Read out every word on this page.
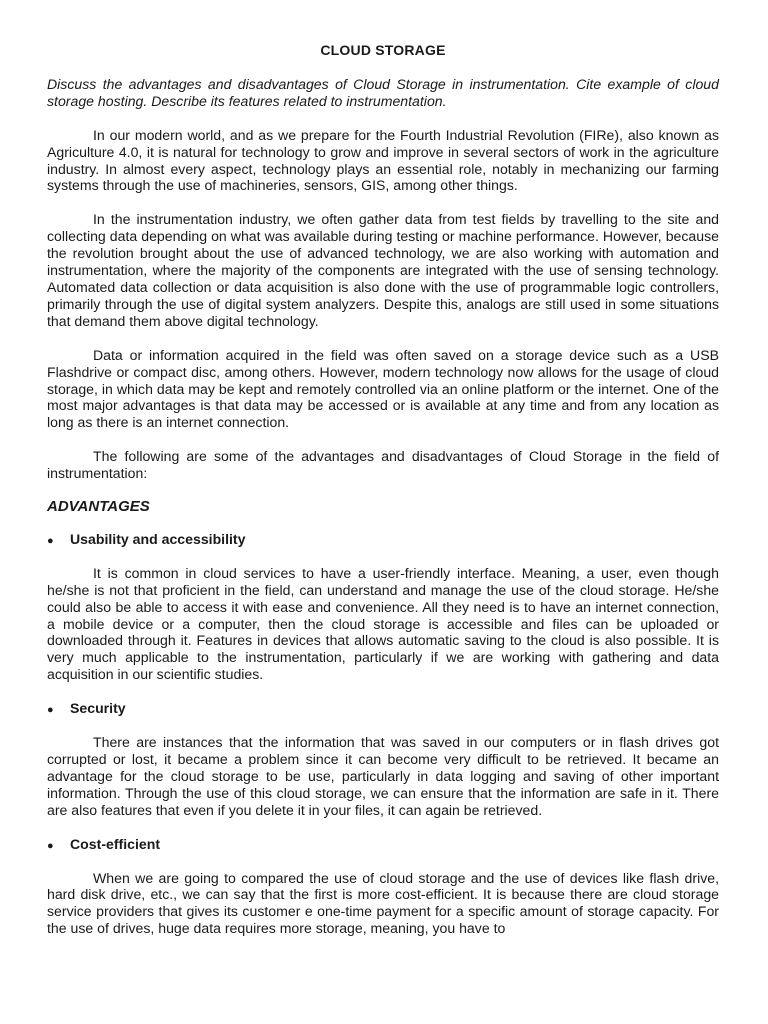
CLOUD STORAGE
Discuss the advantages and disadvantages of Cloud Storage in instrumentation. Cite example of cloud storage hosting. Describe its features related to instrumentation.

In our modern world, and as we prepare for the Fourth Industrial Revolution (FIRe), also known as Agriculture 4.0, it is natural for technology to grow and improve in several sectors of work in the agriculture industry. In almost every aspect, technology plays an essential role, notably in mechanizing our farming systems through the use of machineries, sensors, GIS, among other things.

In the instrumentation industry, we often gather data from test fields by travelling to the site and collecting data depending on what was available during testing or machine performance. However, because the revolution brought about the use of advanced technology, we are also working with automation and instrumentation, where the majority of the components are integrated with the use of sensing technology. Automated data collection or data acquisition is also done with the use of programmable logic controllers, primarily through the use of digital system analyzers. Despite this, analogs are still used in some situations that demand them above digital technology.

Data or information acquired in the field was often saved on a storage device such as a USB Flashdrive or compact disc, among others. However, modern technology now allows for the usage of cloud storage, in which data may be kept and remotely controlled via an online platform or the internet. One of the most major advantages is that data may be accessed or is available at any time and from any location as long as there is an internet connection.

The following are some of the advantages and disadvantages of Cloud Storage in the field of instrumentation:

ADVANTAGES
●	Usability and accessibility

It is common in cloud services to have a user-friendly interface. Meaning, a user, even though he/she is not that proficient in the field, can understand and manage the use of the cloud storage. He/she could also be able to access it with ease and convenience. All they need is to have an internet connection, a mobile device or a computer, then the cloud storage is accessible and files can be uploaded or downloaded through it. Features in devices that allows automatic saving to the cloud is also possible. It is very much applicable to the instrumentation, particularly if we are working with gathering and data acquisition in our scientific studies.

●	Security

There are instances that the information that was saved in our computers or in flash drives got corrupted or lost, it became a problem since it can become very difficult to be retrieved. It became an advantage for the cloud storage to be use, particularly in data logging and saving of other important information. Through the use of this cloud storage, we can ensure that the information are safe in it. There are also features that even if you delete it in your files, it can again be retrieved.

●	Cost-efficient

When we are going to compared the use of cloud storage and the use of devices like flash drive, hard disk drive, etc., we can say that the first is more cost-efficient. It is because there are cloud storage service providers that gives its customer e one-time payment for a specific amount of storage capacity. For the use of drives, huge data requires more storage, meaning, you have to
